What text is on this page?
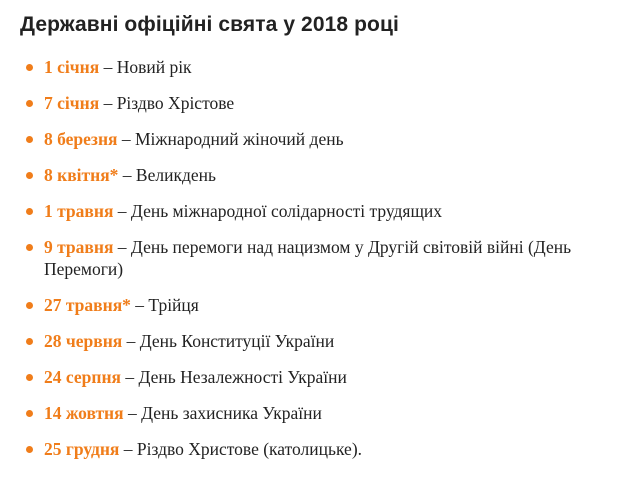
Державні офіційні свята у 2018 році
1 січня – Новий рік
7 січня – Різдво Хрістове
8 березня – Міжнародний жіночий день
8 квітня* – Великдень
1 травня – День міжнародної солідарності трудящих
9 травня – День перемоги над нацизмом у Другій світовій війні (День Перемоги)
27 травня* – Трійця
28 червня – День Конституції України
24 серпня – День Незалежності України
14 жовтня – День захисника України
25 грудня – Різдво Христове (католицьке).
